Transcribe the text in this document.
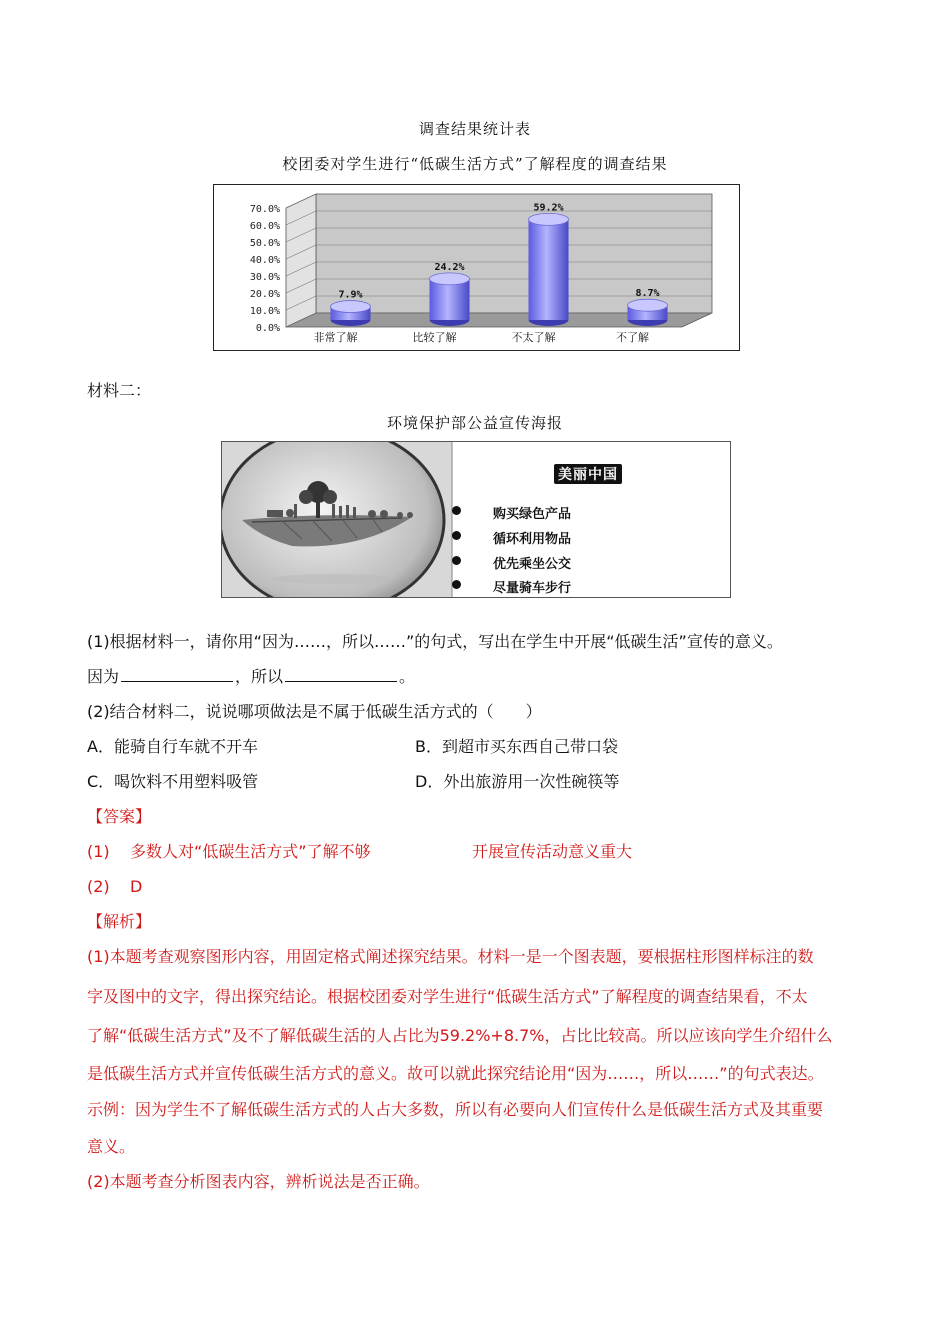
调查结果统计表
校团委对学生进行“低碳生活方式”了解程度的调查结果
70.0%
60.0%
50.0%
40.0%
30.0%
20.0%
10.0%
0.0%
7.9%
24.2%
59.2%
8.7%
非常了解	比较了解	不太了解	不了解
材料二：
环境保护部公益宣传海报
美丽中国
购买绿色产品
循环利用物品
优先乘坐公交
尽量骑车步行
(1)根据材料一，请你用“因为……，所以……”的句式，写出在学生中开展“低碳生活”宣传的意义。
因为	，所以	。
(2)结合材料二，说说哪项做法是不属于低碳生活方式的（　　）
A．能骑自行车就不开车	B．到超市买东西自己带口袋
C．喝饮料不用塑料吸管	D．外出旅游用一次性碗筷等
【答案】
(1) 多数人对“低碳生活方式”了解不够	开展宣传活动意义重大
(2) D
【解析】
(1)本题考查观察图形内容，用固定格式阐述探究结果。材料一是一个图表题，要根据柱形图样标注的数
字及图中的文字，得出探究结论。根据校团委对学生进行“低碳生活方式”了解程度的调查结果看，不太
了解“低碳生活方式”及不了解低碳生活的人占比为59.2%+8.7%，占比比较高。所以应该向学生介绍什么
是低碳生活方式并宣传低碳生活方式的意义。故可以就此探究结论用“因为……，所以……”的句式表达。
示例：因为学生不了解低碳生活方式的人占大多数，所以有必要向人们宣传什么是低碳生活方式及其重要
意义。
(2)本题考查分析图表内容，辨析说法是否正确。
